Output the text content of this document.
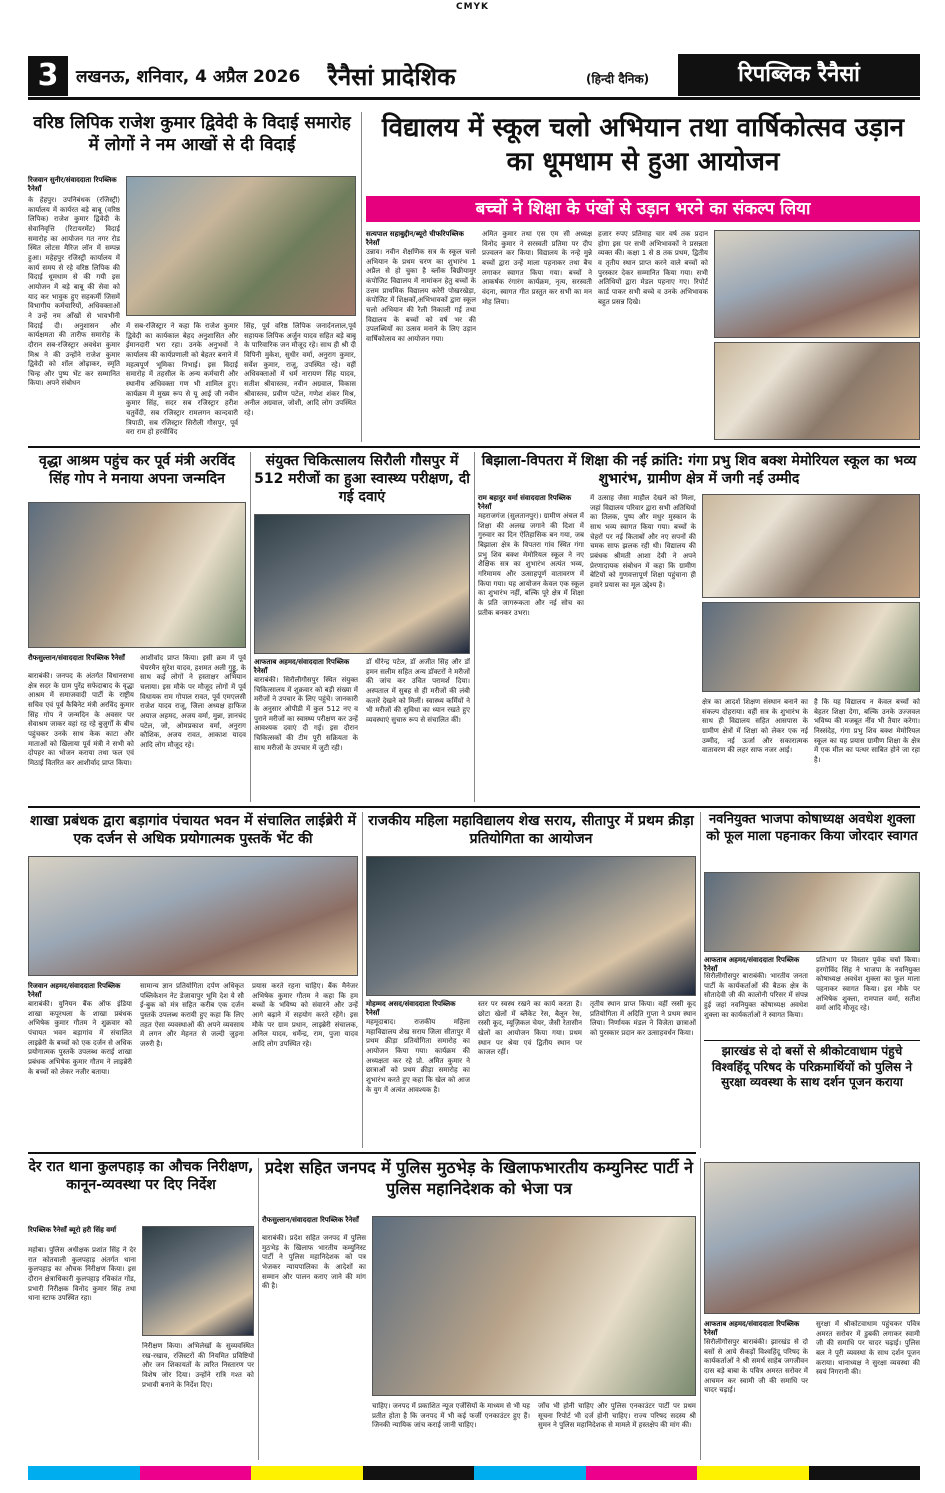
CMYK
3	लखनऊ, शनिवार, 4 अप्रैल 2026 रैनैसां प्रादेशिक	(हिन्दी दैनिक)	रिपब्लिक रैनैसां
वरिष्ठ लिपिक राजेश कुमार द्विवेदी के विदाई समारोह में लोगों ने नम आखों से दी विदाई
रिजवान सुनीर/संवाददाता रिपब्लिक रैनेसाँ
के हेहपुर। उपनिबंधक (रजिस्ट्री) कार्यालय में कार्यरत बड़े बाबू (वरिष्ठ लिपिक) राजेश कुमार द्विवेदी के सेवानिवृत्ति (रिटायरमेंट) विदाई समारोह का आयोजन गत नगर रोड स्थित लोटस मैरिज लॉन में सम्पन्न हुआ। महेहपुर रजिस्ट्री कार्यालय में कार्य समय से रहे वरिष्ठ लिपिक की विदाई धूमधाम से की गयी इस आयोजन में बड़े बाबू की सेवा को याद कर भावुक हुए सहकर्मी जिसमें विभागीय कर्मचारियों, अधिवक्ताओं ने उन्हें नम आँखों से भावभीनी विदाई दी। अनुशासन और कार्यक्षमता की तारीफ समारोह के दौरान सब-रजिस्ट्रार अवधेश कुमार मिश्र ने की उन्होंने राजेश कुमार द्विवेदी को शॉल ओढ़ाकर, स्मृति चिन्ह और पुष्प भेंट कर सम्मानित किया। अपने संबोधन
में सब-रजिस्ट्रार ने कहा कि राजेश कुमार द्विवेदी का कार्यकाल बेहद अनुशासित और ईमानदारी भरा रहा। उनके अनुभवों ने कार्यालय की कार्यप्रणाली को बेहतर बनाने में महत्वपूर्ण भूमिका निभाई। इस विदाई समारोह में तहसील के अन्य कर्मचारी और स्थानीय अधिवक्ता गण भी शामिल हुए। कार्यक्रम में मुख्य रूप से यू आई जी नवीन कुमार सिंह, सदर सब रजिस्ट्रार हरीश चतुर्वेदी, सब रजिस्ट्रार रामलगन कान्दवारी त्रिपाठी, सब रजिस्ट्रार सिरौली गौसपुर, पूर्व वरा राम हो हरवीविंद
सिंह, पूर्व वरिष्ठ लिपिक जनार्दनलाल,पूर्व सहायक लिपिक अर्जुन यादव सहित बड़े बाबू के पारिवारिक जन मौजूद रहे। साथ ही श्री दी विपिनी मुकेश, सुधीर वर्मा, अनुराग कुमार, सर्वेश कुमार, राजू, उपस्थित रहे। वहीं अधिवक्ताओं में धर्म नारायण सिंह यादव, सतीश श्रीवास्तव, नवीन अग्रवाल, विकास श्रीवास्तव, प्रवीण पटेल, गणेश शंकर मिश्र, अनील अग्रवाल, जोशी, आदि लोग उपस्थित रहे।
विद्यालय में स्कूल चलो अभियान तथा वार्षिकोत्सव उड़ान का धूमधाम से हुआ आयोजन
बच्चों ने शिक्षा के पंखों से उड़ान भरने का संकल्प लिया
सत्यपाल सहाबुद्दीन/ब्यूरो चीफरिपब्लिक रैनेसाँ
उन्नाव। नवीन शैक्षणिक सत्र के स्कूल चलो अभियान के प्रथम चरण का शुभारंभ 1 अप्रैल से हो चुका है ब्लॉक बिछीयामुर कंपोजिट विद्यालय में नामांकन हेतु बच्चों के उत्तम प्राथमिक विद्यालय करेरी पोखरखेड़ा, कंपोजिट में शिक्षकों,अभिभावकों द्वारा स्कूल चलो अभियान की रैली निकाली गई तथा विद्यालय के बच्चों को वर्ष भर की उपलब्धियों का उत्सव मनाने के लिए उड़ान वार्षिकोत्सव का आयोजन गया।
अमित कुमार तथा एस एम सी अध्यक्ष विनोद कुमार ने सरस्वती प्रतिमा पर दीप प्रज्वलन कर किया। विद्यालय के नन्हे मुन्ने बच्चों द्वारा उन्हें माला पहनाकर तथा बैच लगाकर स्वागत किया गया। बच्चों ने आकर्षक रंगारंग कार्यक्रम, नृत्य, सरस्वती वंदना, स्वागत गीत प्रस्तुत कर सभी का मन मोह लिया।
हजार रुपए प्रतिमाह चार वर्ष तक प्रदान होगा इस पर सभी अभिभावकों ने प्रसन्नता व्यक्त की। कक्षा 1 से 8 तक प्रथम, द्वितीय व तृतीय स्थान प्राप्त करने वाले बच्चों को पुरस्कार देकर सम्मानित किया गया। सभी अतिथियों द्वारा मेडल पहनाए गए। रिपोर्ट कार्ड पाकर सभी बच्चे व उनके अभिभावक बहुत प्रसन्न दिखे।
वृद्धा आश्रम पहुंच कर पूर्व मंत्री अरविंद सिंह गोप ने मनाया अपना जन्मदिन
रौफसुल्तान/संवाददाता रिपब्लिक रैनेसाँ
बाराबंकी। जनपद के अंतर्गत विधानसभा क्षेत्र सदर के ग्राम पुरेंद्र सफेदाबाद के वृद्धा आश्रम में समाजवादी पार्टी के राष्ट्रीय सचिव एवं पूर्व कैबिनेट मंत्री अरविंद कुमार सिंह गोप ने जन्मदिन के अवसर पर सेवाश्रम जाकर वहां रह रहे बुजुर्गों के बीच पहुंचकर उनके साथ केक काटा और माताओं को खिलाया पूर्व मंत्री ने सभी को दोपहर का भोजन कराया तथा फल एवं मिठाई वितरित कर आशीर्वाद प्राप्त किया।
आशीर्वाद प्राप्त किया। इसी क्रम में पूर्व चेयरमैन सुरेश यादव, हशमत अली गुड्डू, के साथ कई लोगों ने हस्ताक्षर अभियान चलाया। इस मौके पर मौजूद लोगों में पूर्व विधायक राम गोपाल रावत, पूर्व एमएलसी राजेश यादव राजू, जिला अध्यक्ष हाफिज अयाज अहमद, अजय वर्मा, मुन्ना, ज्ञानचंद पटेल, जो, ओमप्रकाश वर्मा, अनुराग कौशिक, अजय रावत, आकाश यादव आदि लोग मौजूद रहे।
संयुक्त चिकित्सालय सिरौली गौसपुर में 512 मरीजों का हुआ स्वास्थ्य परीक्षण, दी गई दवाएं
आफताब अहमद/संवाददाता रिपब्लिक रैनेसाँ
बाराबंकी। सिरौलीगौसपुर स्थित संयुक्त चिकित्सालय में शुक्रवार को बड़ी संख्या में मरीजों ने उपचार के लिए पहुंचे। जानकारी के अनुसार ओपीडी में कुल 512 नए व पुराने मरीजों का स्वास्थ्य परीक्षण कर उन्हें आवश्यक दवाएं दी गई। इस दौरान चिकित्सकों की टीम पूरी सक्रियता के साथ मरीजों के उपचार में जुटी रही।
डॉ धीरेन्द्र पटेल, डॉ अजीत सिंह और डॉ हमन सलीम सहित अन्य डॉक्टरों ने मरीजों की जांच कर उचित परामर्श दिया। अस्पताल में सुबह से ही मरीजों की लंबी कतारें देखने को मिलीं। स्वास्थ्य कर्मियों ने भी मरीजों की सुविधा का ध्यान रखते हुए व्यवस्थाएं सुचारु रूप से संचालित कीं।
बिझाला-विपतरा में शिक्षा की नई क्रांति: गंगा प्रभु शिव बक्श मेमोरियल स्कूल का भव्य शुभारंभ, ग्रामीण क्षेत्र में जगी नई उम्मीद
राम बहादुर वर्मा संवाददाता रिपब्लिक रैनेसाँ
महराजगंज (सुलतानपुर)। ग्रामीण अंचल में शिक्षा की अलख जगाने की दिशा में गुरुवार का दिन ऐतिहासिक बन गया, जब बिझाला क्षेत्र के विपतरा गांव स्थित गंगा प्रभु शिव बक्श मेमोरियल स्कूल ने नए शैक्षिक सत्र का शुभारंभ अत्यंत भव्य, गरिमामय और उत्साहपूर्ण वातावरण में किया गया। यह आयोजन केवल एक स्कूल का शुभारंभ नहीं, बल्कि पूरे क्षेत्र में शिक्षा के प्रति जागरूकता और नई सोच का प्रतीक बनकर उभरा।
में उत्साह जैसा माहौल देखने को मिला, जहां विद्यालय परिवार द्वारा सभी अतिथियों का तिलक, पुष्प और मधुर मुस्कान के साथ भव्य स्वागत किया गया। बच्चों के चेहरों पर नई किताबों और नए सपनों की चमक साफ झलक रही थी। विद्यालय की प्रबंधक श्रीमती आशा देवी ने अपने प्रेरणादायक संबोधन में कहा कि ग्रामीण बेटियों को गुणवत्तापूर्ण शिक्षा पहुंचाना ही हमारे प्रयास का मूल उद्देश्य है।
क्षेत्र का आदर्श शिक्षण संस्थान बनाने का संकल्प दोहराया। वहीं सत्र के शुभारंभ के साथ ही विद्यालय सहित आसपास के ग्रामीण क्षेत्रों में शिक्षा को लेकर एक नई उम्मीद, नई ऊर्जा और सकारात्मक वातावरण की लहर साफ नजर आई।
है कि यह विद्यालय न केवल बच्चों को बेहतर शिक्षा देगा, बल्कि उनके उज्जवल भविष्य की मजबूत नींव भी तैयार करेगा। निस्संदेह, गंगा प्रभु शिव बक्श मेमोरियल स्कूल का यह प्रयास ग्रामीण शिक्षा के क्षेत्र में एक मील का पत्थर साबित होने जा रहा है।
शाखा प्रबंधक द्वारा बड़ागांव पंचायत भवन में संचालित लाईब्रेरी में एक दर्जन से अधिक प्रयोगात्मक पुस्तकें भेंट की
रिजवान अहमद/संवाददाता रिपब्लिक रैनेसाँ
बाराबंकी। युनियन बैंक ऑफ इंडिया शाखा कपूरथला के शाखा प्रबंधक अभिषेक कुमार गौतम ने शुक्रवार को पंचायत भवन बड़ागांव में संचालित लाइब्रेरी के बच्चों को एक दर्जन से अधिक प्रयोगात्मक पुस्तकें उपलब्ध कराई शाखा प्रबंधक अभिषेक कुमार गौतम ने लाइब्रेरी के बच्चों को लेकर नजीर बताया।
सामान्य ज्ञान प्रतियोगिता दर्पण अधिकृत पब्लिकेशन नेट डेजावापुर भूमि देश ये सौ ई-बुक को मंत्र सहित करीब एक दर्जन पुस्तकें उपलब्ध करायी हुए कहा कि लिए तहत ऐसा व्यवस्थाओं की अपने व्यवसाय में लगन और मेहनत से जल्दी जुड़ना जरुरी है।
प्रयास करते रहना चाहिए। बैंक मैनेजर अभिषेक कुमार गौतम ने कहा कि हम बच्चों के भविष्य को संवारने और उन्हें आगे बढ़ाने में सहयोग करते रहेंगे। इस मौके पर ग्राम प्रधान, लाइब्रेरी संचालक, अनिल यादव, धर्मेन्द्र, राम, पुजा यादव आदि लोग उपस्थित रहे।
राजकीय महिला महाविद्यालय शेख सराय, सीतापुर में प्रथम क्रीड़ा प्रतियोगिता का आयोजन
मोहम्मद असद/संवाददाता रिपब्लिक रैनेसाँ
महमूदाबाद। राजकीय महिला महाविद्यालय शेख सराय जिला सीतापुर में प्रथम क्रीड़ा प्रतियोगिता समारोह का आयोजन किया गया। कार्यक्रम की अध्यक्षता कर रहे प्रो. अमित कुमार ने छात्राओं को प्रथम क्रीड़ा समारोह का शुभारंभ करते हुए कहा कि खेल को आज के युग में अत्यंत आवश्यक है।
स्तर पर स्वस्थ रखने का कार्य करता है। छोटा खेलों में ब्लैंकेट रेस, बैलून रेस, रस्सी कूद, म्यूज़िकल चेयर, जैसी रेतासीन खेलों का आयोजन किया गया। प्रथम स्थान पर श्रेया एवं द्वितीय स्थान पर काजल रहीं।
तृतीय स्थान प्राप्त किया। वहीं रस्सी कूद प्रतियोगिता में अदिति गुप्ता ने प्रथम स्थान लिया। निर्णायक मंडल ने विजेता छात्राओं को पुरस्कार प्रदान कर उत्साहवर्धन किया।
नवनियुक्त भाजपा कोषाध्यक्ष अवधेश शुक्ला को फूल माला पहनाकर किया जोरदार स्वागत
आफताब अहमद/संवाददाता रिपब्लिक रैनेसाँ
सिरौलीगौसपुर बाराबंकी। भारतीय जनता पार्टी के कार्यकर्ताओं की बैठक क्षेत्र के सौतादेवी जी की कालोनी परिसर में संपन्न हुई जहां नवनियुक्त कोषाध्यक्ष अवधेश शुक्ला का कार्यकर्ताओं ने स्वागत किया।
प्रतिभाग पर विस्तार पूर्वक चर्चा किया। हरगोविंद सिंह ने भाजपा के नवनियुक्त कोषाध्यक्ष अवधेश शुक्ला का फूल माला पहनाकर स्वागत किया। इस मौके पर अभिषेक शुक्ला, रामपाल वर्मा, सतीश वर्मा आदि मौजूद रहे।
झारखंड से दो बसों से श्रीकोटवाधाम पंहुचे विश्वहिंदू परिषद के परिक्रमार्थियों को पुलिस ने सुरक्षा व्यवस्था के साथ दर्शन पूजन कराया
आफताब अहमद/संवाददाता रिपब्लिक रैनेसाँ
सिरौलीगौसपुर बाराबंकी। झारखंड से दो बसों से आये सैकड़ों विश्वहिंदू परिषद के कार्यकर्ताओं ने श्री समर्थ साहेब जगजीवन दास बड़े बाबा के पवित्र अमरत सरोवर में आचमन कर स्वामी जी की समाधि पर चादर चढ़ाई।
सुरक्षा में श्रीकोटवाधाम पहुंचकर पवित्र अमरत सरोवर में डुबकी लगाकर स्वामी जी की समाधि पर चादर चढ़ाई। पुलिस बल ने पूरी व्यवस्था के साथ दर्शन पूजन कराया। थानाध्यक्ष ने सुरक्षा व्यवस्था की स्वयं निगरानी की।
देर रात थाना कुलपहाड़ का औचक निरीक्षण, कानून-व्यवस्था पर दिए निर्देश
रिपब्लिक रैनेसाँ ब्यूरो हरी सिंह वर्मा
महोबा। पुलिस अधीक्षक प्रशांत सिंह ने देर रात कोतवाली कुलपहाड़ अंतर्गत थाना कुलपहाड़ का औचक निरीक्षण किया। इस दौरान क्षेत्राधिकारी कुलपहाड़ रविकांत गोंड, प्रभारी निरीक्षक विनोद कुमार सिंह तथा थाना स्टाफ उपस्थित रहा।
निरीक्षण किया। अभिलेखों के सुव्यवस्थित रख-रखाव, रजिस्टरों की नियमित प्रविष्टियों और जन शिकायतों के त्वरित निस्तारण पर विशेष जोर दिया। उन्होंने रात्रि गश्त को प्रभावी बनाने के निर्देश दिए।
प्रदेश सहित जनपद में पुलिस मुठभेड़ के खिलाफभारतीय कम्युनिस्ट पार्टी ने पुलिस महानिदेशक को भेजा पत्र
रौफसुल्तान/संवाददाता रिपब्लिक रैनेसाँ
बाराबंकी। प्रदेश सहित जनपद में पुलिस मुठभेड़ के खिलाफ भारतीय कम्युनिस्ट पार्टी ने पुलिस महानिदेशक को पत्र भेजकर न्यायपालिका के आदेशों का सम्मान और पालन कराए जाने की मांग की है।
चाहिए। जनपद में प्रकाशित न्यूज एजेंसियों के माध्यम से भी यह प्रतीत होता है कि जनपद में भी कई फर्जी एनकाउंटर हुए हैं। जिनकी न्यायिक जांच कराई जानी चाहिए।
जाँच भी होनी चाहिए और पुलिस एनकाउंटर पार्टी पर प्रथम सूचना रिपोर्ट भी दर्ज होनी चाहिए। राज्य परिषद सदस्य श्री सुमन ने पुलिस महानिदेशक से मामले में हस्तक्षेप की मांग की।
